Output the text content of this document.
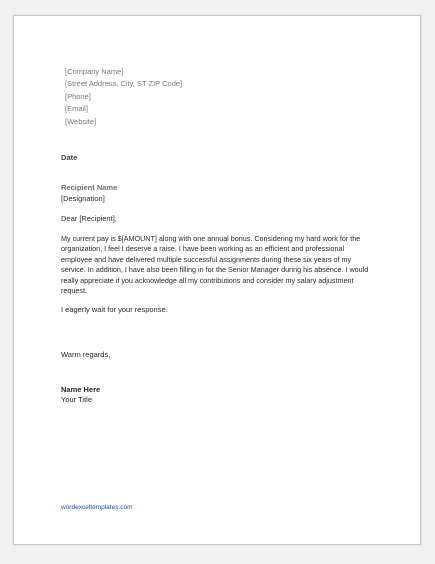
[Company Name]
[Street Address, City, ST ZIP Code]
[Phone]
[Email]
[Website]
Date
Recipient Name
[Designation]
Dear [Recipient],
My current pay is $[AMOUNT] along with one annual bonus. Considering my hard work for the organization, I feel I deserve a raise. I have been working as an efficient and professional employee and have delivered multiple successful assignments during these six years of my service. In addition, I have also been filling in for the Senior Manager during his absence. I would really appreciate if you acknowledge all my contributions and consider my salary adjustment request.
I eagerly wait for your response.
Warm regards,
Name Here
Your Title
wordexceltemplates.com
